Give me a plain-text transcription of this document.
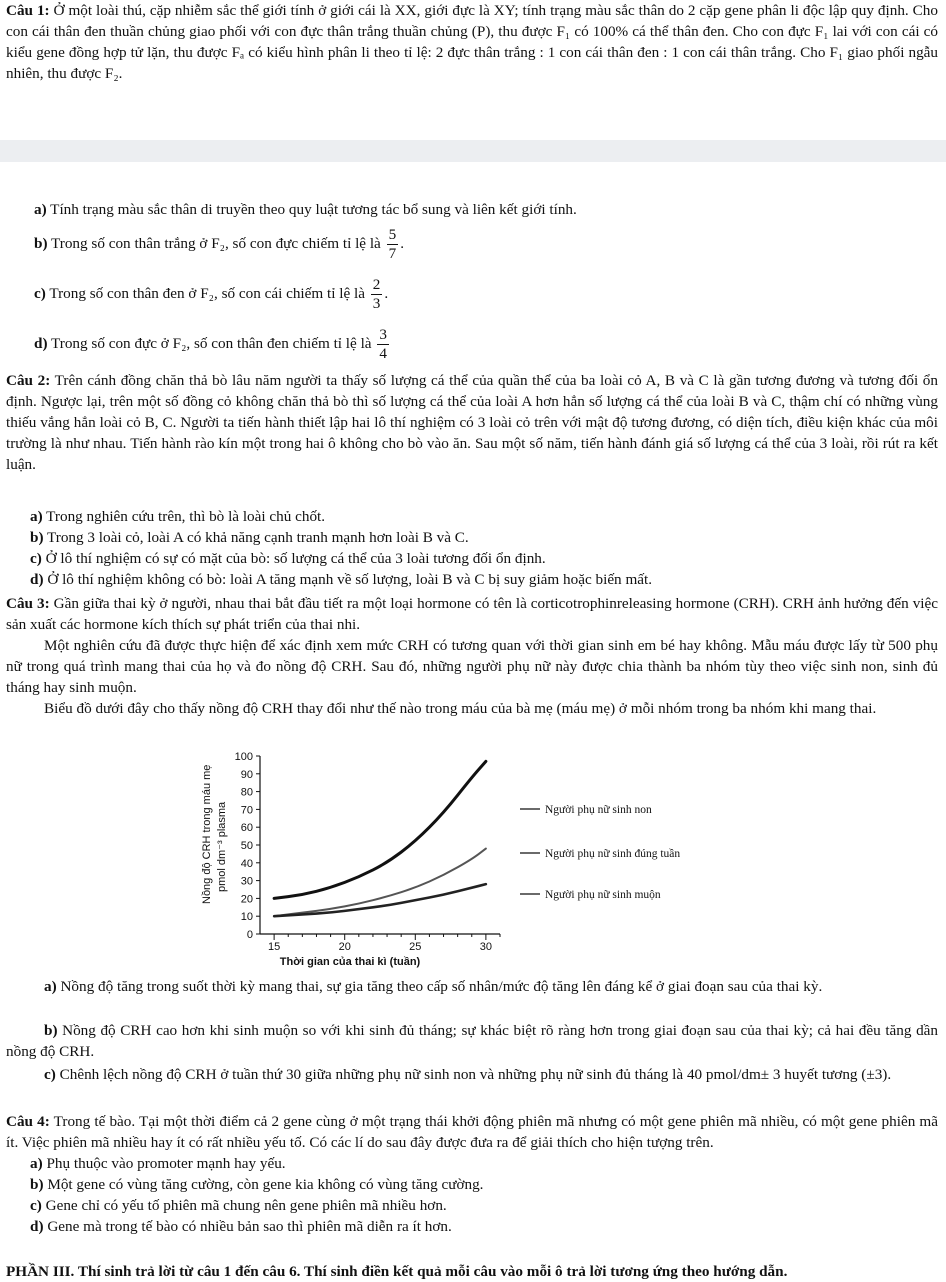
Câu 1: Ở một loài thú, cặp nhiễm sắc thể giới tính ở giới cái là XX, giới đực là XY; tính trạng màu sắc thân do 2 cặp gene phân li độc lập quy định. Cho con cái thân đen thuần chủng giao phối với con đực thân trắng thuần chủng (P), thu được F₁ có 100% cá thể thân đen. Cho con đực F₁ lai với con cái có kiểu gene đồng hợp tử lặn, thu được Fₐ có kiểu hình phân li theo tỉ lệ: 2 đực thân trắng : 1 con cái thân đen : 1 con cái thân trắng. Cho F₁ giao phối ngẫu nhiên, thu được F₂.

a) Tính trạng màu sắc thân di truyền theo quy luật tương tác bổ sung và liên kết giới tính.
b) Trong số con thân trắng ở F₂, số con đực chiếm tỉ lệ là $\frac{5}{7}$ .
c) Trong số con thân đen ở F₂, số con cái chiếm tỉ lệ là $\frac{2}{3}$ .
d) Trong số con đực ở F₂, số con thân đen chiếm tỉ lệ là $\frac{3}{4}$

Câu 2: Trên cánh đồng chăn thả bò lâu năm người ta thấy số lượng cá thể của quần thể của ba loài cỏ A, B và C là gần tương đương và tương đối ổn định. Ngược lại, trên một số đồng cỏ không chăn thả bò thì số lượng cá thể của loài A hơn hẳn số lượng cá thể của loài B và C, thậm chí có những vùng thiếu vắng hẳn loài cỏ B, C. Người ta tiến hành thiết lập hai lô thí nghiệm có 3 loài cỏ trên với mật độ tương đương, có diện tích, điều kiện khác của môi trường là như nhau. Tiến hành rào kín một trong hai ô không cho bò vào ăn. Sau một số năm, tiến hành đánh giá số lượng cá thể của 3 loài, rồi rút ra kết luận.

a) Trong nghiên cứu trên, thì bò là loài chủ chốt.
b) Trong 3 loài cỏ, loài A có khả năng cạnh tranh mạnh hơn loài B và C.
c) Ở lô thí nghiệm có sự có mặt của bò: số lượng cá thể của 3 loài tương đối ổn định.
d) Ở lô thí nghiệm không có bò: loài A tăng mạnh về số lượng, loài B và C bị suy giảm hoặc biến mất.
Câu 3: Gần giữa thai kỳ ở người, nhau thai bắt đầu tiết ra một loại hormone có tên là corticotrophinreleasing hormone (CRH). CRH ảnh hưởng đến việc sản xuất các hormone kích thích sự phát triển của thai nhi.
Một nghiên cứu đã được thực hiện để xác định xem mức CRH có tương quan với thời gian sinh em bé hay không. Mẫu máu được lấy từ 500 phụ nữ trong quá trình mang thai của họ và đo nồng độ CRH. Sau đó, những người phụ nữ này được chia thành ba nhóm tùy theo việc sinh non, sinh đủ tháng hay sinh muộn.
Biểu đồ dưới đây cho thấy nồng độ CRH thay đổi như thế nào trong máu của bà mẹ (máu mẹ) ở mỗi nhóm trong ba nhóm khi mang thai.
Nồng độ CRH trong máu mẹ pmol dm⁻³ plasma
0
10
20
30
40
50
60
70
80
90
100
15	20	25	30
Người phụ nữ sinh non
Người phụ nữ sinh đúng tuần
Người phụ nữ sinh muộn
Thời gian của thai kì (tuần)
a) Nồng độ tăng trong suốt thời kỳ mang thai, sự gia tăng theo cấp số nhân/mức độ tăng lên đáng kể ở giai đoạn sau của thai kỳ.
b) Nồng độ CRH cao hơn khi sinh muộn so với khi sinh đủ tháng; sự khác biệt rõ ràng hơn trong giai đoạn sau của thai kỳ; cả hai đều tăng dần nồng độ CRH.
c) Chênh lệch nồng độ CRH ở tuần thứ 30 giữa những phụ nữ sinh non và những phụ nữ sinh đủ tháng là 40 pmol/dm± 3 huyết tương (±3).
Câu 4: Trong tế bào. Tại một thời điểm cả 2 gene cùng ở một trạng thái khởi động phiên mã nhưng có một gene phiên mã nhiều, có một gene phiên mã ít. Việc phiên mã nhiều hay ít có rất nhiều yếu tố. Có các lí do sau đây được đưa ra để giải thích cho hiện tượng trên.
a) Phụ thuộc vào promoter mạnh hay yếu.
b) Một gene có vùng tăng cường, còn gene kia không có vùng tăng cường.
c) Gene chỉ có yếu tố phiên mã chung nên gene phiên mã nhiều hơn.
d) Gene mà trong tế bào có nhiều bản sao thì phiên mã diễn ra ít hơn.
PHẦN III. Thí sinh trả lời từ câu 1 đến câu 6. Thí sinh điền kết quả mỗi câu vào mỗi ô trả lời tương ứng theo hướng dẫn.
